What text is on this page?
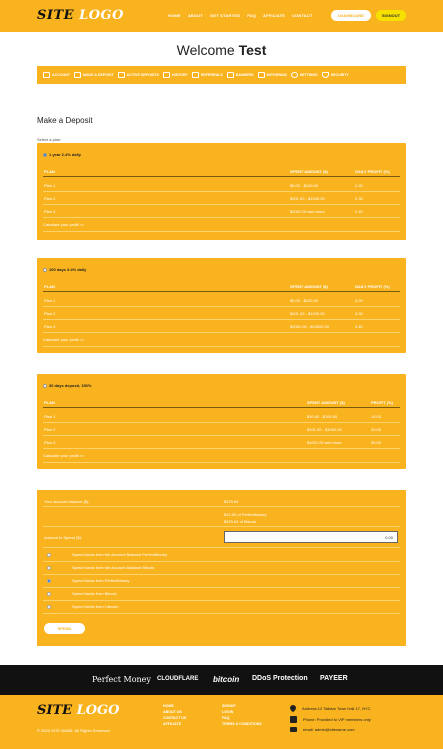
SITE LOGO	HOME ABOUT GET STARTED FAQ AFFILIATE CONTACT	DASHBOARD	SIGNOUT
Welcome Test
ACCOUNT	MAKE A DEPOSIT	ACTIVE DEPOSITS	HISTORY	REFERRALS	BANNERS	WITHDRAW	SETTINGS	SECURITY
Make a Deposit
Select a plan:
1 year 2.4% daily
PLAN	SPENT AMOUNT ($)	DAILY PROFIT (%)
Plan 1	$0.00 - $100.00	2.20
Plan 2	$101.00 - $1000.00	2.30
Plan 3	$1001.00 and more	2.40
Calculate your profit >>
100 days 3.4% daily
PLAN	SPENT AMOUNT ($)	DAILY PROFIT (%)
Plan 1	$0.00 - $100.00	3.20
Plan 2	$101.00 - $1000.00	3.30
Plan 3	$1001.00 - $10000.00	3.40
Calculate your profit >>
30 days deposit, 150%
PLAN	SPENT AMOUNT ($)	PROFIT (%)
Plan 1	$10.00 - $100.00	10.00
Plan 2	$101.00 - $1000.00	20.00
Plan 3	$1001.00 and more	30.00
Calculate your profit >>
Your account balance ($):	$375.64
$12.00 of PerfectMoney
$375.64 of Bitcoin
Amount to Spend ($):	0.00
Spend funds from the Account Balance PerfectMoney
Spend funds from the Account Balance Bitcoin
Spend funds from PerfectMoney
Spend funds from Bitcoin
Spend funds from Litecoin
SPEND
Perfect Money CLOUDFLARE bitcoin DDoS Protection PAYEER
SITE LOGO
© 2020 SITE NAME. All Rights Reserved
HOME
ABOUT US
CONTACT US
AFFILIATE
SIGNUP
LOGIN
FAQ
TERMS & CONDITIONS
Address:12 Tallstar Town Hall 17, NYC
Phone: Provided to VIP members only
email: admin@sitename.com
